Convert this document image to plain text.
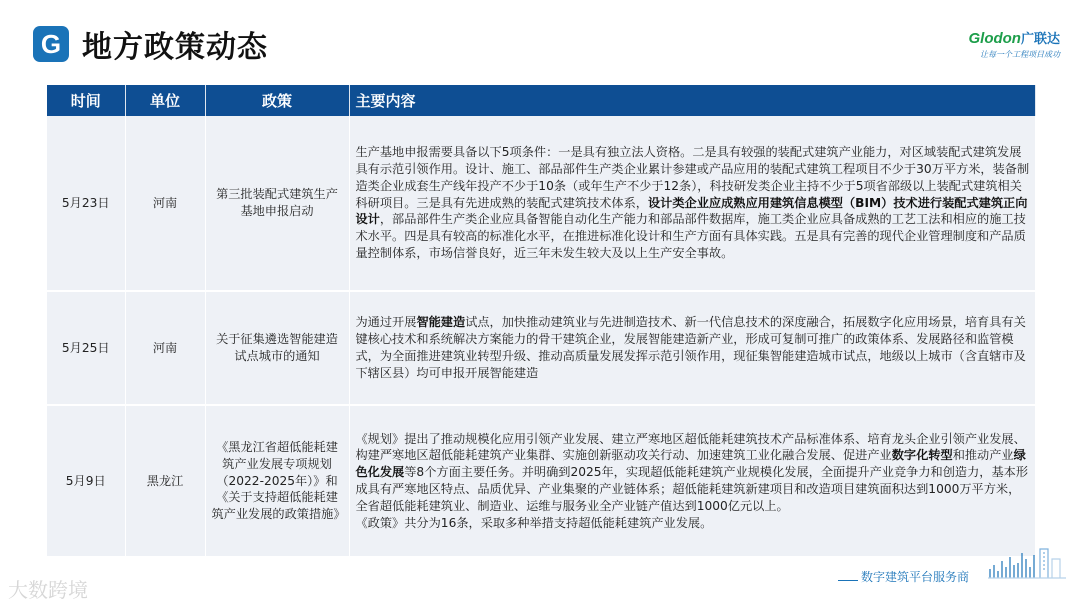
G 地方政策动态	Glodon广联达
让每一个工程项目成功
时间	单位	政策	主要内容
5月23日	河南	第三批装配式建筑生产基地申报启动	生产基地申报需要具备以下5项条件：一是具有独立法人资格。二是具有较强的装配式建筑产业能力，对区域装配式建筑发展具有示范引领作用。设计、施工、部品部件生产类企业累计参建或产品应用的装配式建筑工程项目不少于30万平方米，装备制造类企业成套生产线年投产不少于10条（或年生产不少于12条），科技研发类企业主持不少于5项省部级以上装配式建筑相关科研项目。三是具有先进成熟的装配式建筑技术体系，设计类企业应成熟应用建筑信息模型（BIM）技术进行装配式建筑正向设计，部品部件生产类企业应具备智能自动化生产能力和部品部件数据库，施工类企业应具备成熟的工艺工法和相应的施工技术水平。四是具有较高的标准化水平，在推进标准化设计和生产方面有具体实践。五是具有完善的现代企业管理制度和产品质量控制体系，市场信誉良好，近三年未发生较大及以上生产安全事故。
5月25日	河南	关于征集遴选智能建造试点城市的通知	为通过开展智能建造试点，加快推动建筑业与先进制造技术、新一代信息技术的深度融合，拓展数字化应用场景，培育具有关键核心技术和系统解决方案能力的骨干建筑企业，发展智能建造新产业，形成可复制可推广的政策体系、发展路径和监管模式，为全面推进建筑业转型升级、推动高质量发展发挥示范引领作用，现征集智能建造城市试点，地级以上城市（含直辖市及下辖区县）均可申报开展智能建造
5月9日	黑龙江	《黑龙江省超低能耗建筑产业发展专项规划（2022-2025年）》和《关于支持超低能耗建筑产业发展的政策措施》	《规划》提出了推动规模化应用引领产业发展、建立严寒地区超低能耗建筑技术产品标准体系、培育龙头企业引领产业发展、构建严寒地区超低能耗建筑产业集群、实施创新驱动攻关行动、加速建筑工业化融合发展、促进产业数字化转型和推动产业绿色化发展等8个方面主要任务。并明确到2025年，实现超低能耗建筑产业规模化发展，全面提升产业竞争力和创造力，基本形成具有严寒地区特点、品质优异、产业集聚的产业链体系；超低能耗建筑新建项目和改造项目建筑面积达到1000万平方米，全省超低能耗建筑业、制造业、运维与服务业全产业链产值达到1000亿元以上。
《政策》共分为16条，采取多种举措支持超低能耗建筑产业发展。
数字建筑平台服务商
大数跨境
